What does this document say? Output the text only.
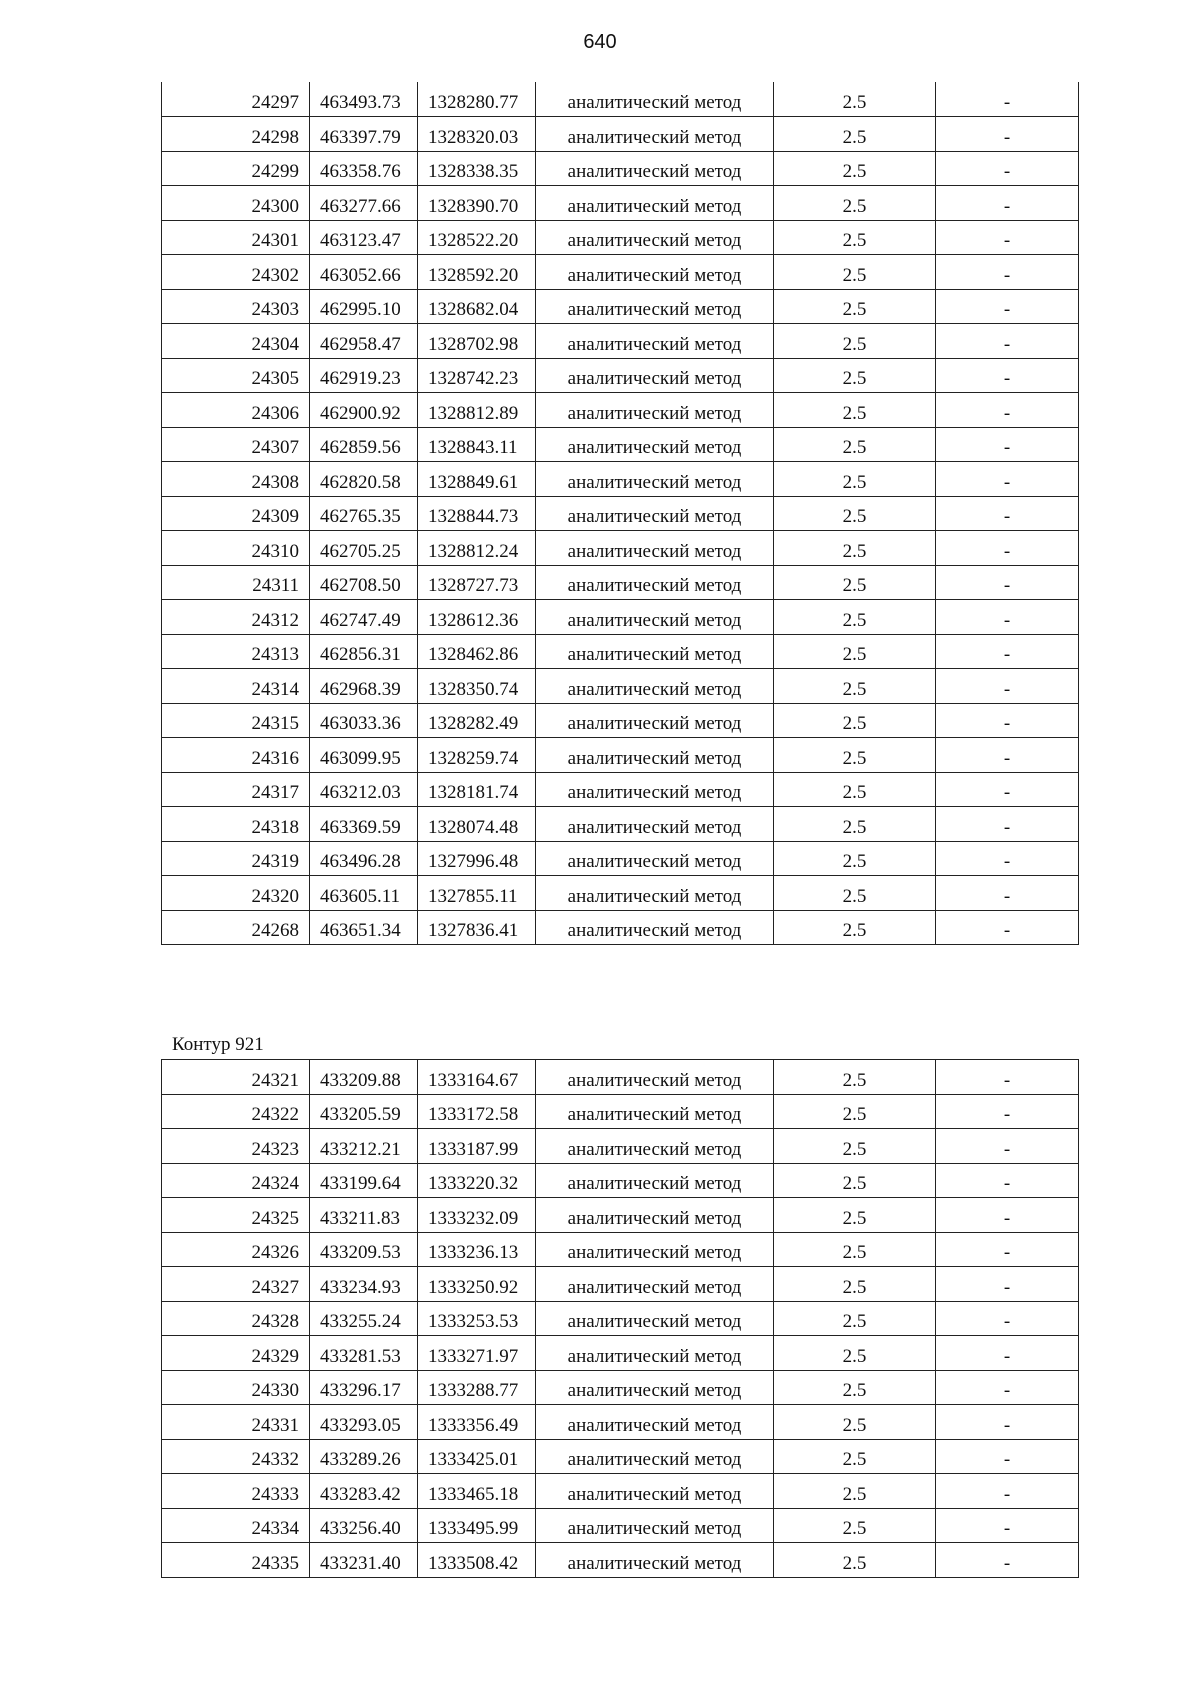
640
24297	463493.73	1328280.77	аналитический метод	2.5	-
24298	463397.79	1328320.03	аналитический метод	2.5	-
24299	463358.76	1328338.35	аналитический метод	2.5	-
24300	463277.66	1328390.70	аналитический метод	2.5	-
24301	463123.47	1328522.20	аналитический метод	2.5	-
24302	463052.66	1328592.20	аналитический метод	2.5	-
24303	462995.10	1328682.04	аналитический метод	2.5	-
24304	462958.47	1328702.98	аналитический метод	2.5	-
24305	462919.23	1328742.23	аналитический метод	2.5	-
24306	462900.92	1328812.89	аналитический метод	2.5	-
24307	462859.56	1328843.11	аналитический метод	2.5	-
24308	462820.58	1328849.61	аналитический метод	2.5	-
24309	462765.35	1328844.73	аналитический метод	2.5	-
24310	462705.25	1328812.24	аналитический метод	2.5	-
24311	462708.50	1328727.73	аналитический метод	2.5	-
24312	462747.49	1328612.36	аналитический метод	2.5	-
24313	462856.31	1328462.86	аналитический метод	2.5	-
24314	462968.39	1328350.74	аналитический метод	2.5	-
24315	463033.36	1328282.49	аналитический метод	2.5	-
24316	463099.95	1328259.74	аналитический метод	2.5	-
24317	463212.03	1328181.74	аналитический метод	2.5	-
24318	463369.59	1328074.48	аналитический метод	2.5	-
24319	463496.28	1327996.48	аналитический метод	2.5	-
24320	463605.11	1327855.11	аналитический метод	2.5	-
24268	463651.34	1327836.41	аналитический метод	2.5	-
Контур 921
24321	433209.88	1333164.67	аналитический метод	2.5	-
24322	433205.59	1333172.58	аналитический метод	2.5	-
24323	433212.21	1333187.99	аналитический метод	2.5	-
24324	433199.64	1333220.32	аналитический метод	2.5	-
24325	433211.83	1333232.09	аналитический метод	2.5	-
24326	433209.53	1333236.13	аналитический метод	2.5	-
24327	433234.93	1333250.92	аналитический метод	2.5	-
24328	433255.24	1333253.53	аналитический метод	2.5	-
24329	433281.53	1333271.97	аналитический метод	2.5	-
24330	433296.17	1333288.77	аналитический метод	2.5	-
24331	433293.05	1333356.49	аналитический метод	2.5	-
24332	433289.26	1333425.01	аналитический метод	2.5	-
24333	433283.42	1333465.18	аналитический метод	2.5	-
24334	433256.40	1333495.99	аналитический метод	2.5	-
24335	433231.40	1333508.42	аналитический метод	2.5	-
